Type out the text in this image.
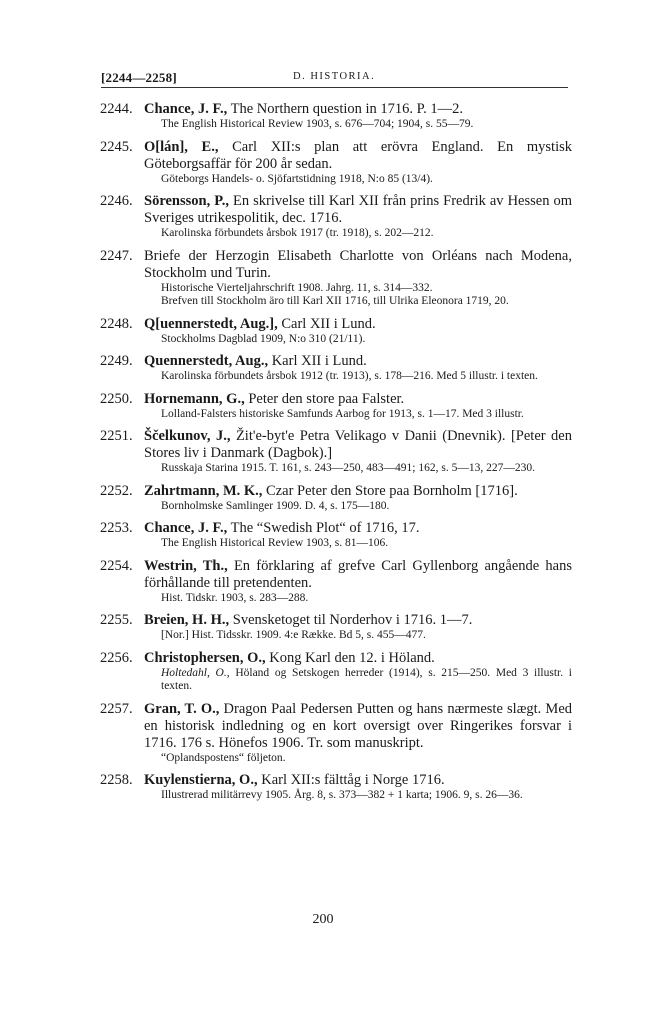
[2244—2258]	D. HISTORIA.
2244. Chance, J. F., The Northern question in 1716. P. 1—2.
The English Historical Review 1903, s. 676—704; 1904, s. 55—79.
2245. O[lán], E., Carl XII:s plan att erövra England. En mystisk Göteborgsaffär för 200 år sedan.
Göteborgs Handels- o. Sjöfartstidning 1918, N:o 85 (13/4).
2246. Sörensson, P., En skrivelse till Karl XII från prins Fredrik av Hessen om Sveriges utrikespolitik, dec. 1716.
Karolinska förbundets årsbok 1917 (tr. 1918), s. 202—212.
2247. Briefe der Herzogin Elisabeth Charlotte von Orléans nach Modena, Stockholm und Turin.
Historische Vierteljahrschrift 1908. Jahrg. 11, s. 314—332.
Brefven till Stockholm äro till Karl XII 1716, till Ulrika Eleonora 1719, 20.
2248. Q[uennerstedt, Aug.], Carl XII i Lund.
Stockholms Dagblad 1909, N:o 310 (21/11).
2249. Quennerstedt, Aug., Karl XII i Lund.
Karolinska förbundets årsbok 1912 (tr. 1913), s. 178—216. Med 5 illustr. i texten.
2250. Hornemann, G., Peter den store paa Falster.
Lolland-Falsters historiske Samfunds Aarbog for 1913, s. 1—17. Med 3 illustr.
2251. Ščelkunov, J., Žit'e-byt'e Petra Velikago v Danii (Dnevnik). [Peter den Stores liv i Danmark (Dagbok).]
Russkaja Starina 1915. T. 161, s. 243—250, 483—491; 162, s. 5—13, 227—230.
2252. Zahrtmann, M. K., Czar Peter den Store paa Bornholm [1716].
Bornholmske Samlinger 1909. D. 4, s. 175—180.
2253. Chance, J. F., The “Swedish Plot“ of 1716, 17.
The English Historical Review 1903, s. 81—106.
2254. Westrin, Th., En förklaring af grefve Carl Gyllenborg angående hans förhållande till pretendenten.
Hist. Tidskr. 1903, s. 283—288.
2255. Breien, H. H., Svensketoget til Norderhov i 1716. 1—7.
[Nor.] Hist. Tidsskr. 1909. 4:e Række. Bd 5, s. 455—477.
2256. Christophersen, O., Kong Karl den 12. i Höland.
Holtedahl, O., Höland og Setskogen herreder (1914), s. 215—250. Med 3 illustr. i texten.
2257. Gran, T. O., Dragon Paal Pedersen Putten og hans nærmeste slægt. Med en historisk indledning og en kort oversigt over Ringerikes forsvar i 1716. 176 s. Hönefos 1906. Tr. som manuskript.
“Oplandspostens“ följeton.
2258. Kuylenstierna, O., Karl XII:s fälttåg i Norge 1716.
Illustrerad militärrevy 1905. Årg. 8, s. 373—382 + 1 karta; 1906. 9, s. 26—36.
200
